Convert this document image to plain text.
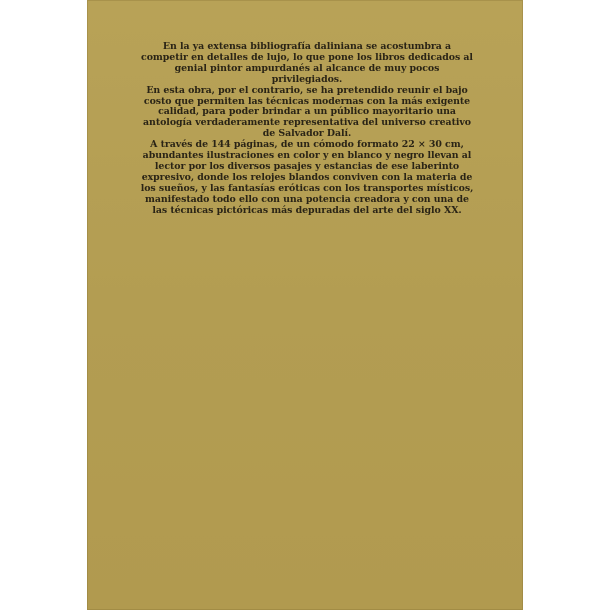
En la ya extensa bibliografía daliniana se acostumbra a competir en detalles de lujo, lo que pone los libros dedicados al genial pintor ampurdanés al alcance de muy pocos privilegiados.

En esta obra, por el contrario, se ha pretendido reunir el bajo costo que permiten las técnicas modernas con la más exigente calidad, para poder brindar a un público mayoritario una antología verdaderamente representativa del universo creativo de Salvador Dalí.

A través de 144 páginas, de un cómodo formato 22 × 30 cm, abundantes ilustraciones en color y en blanco y negro llevan al lector por los diversos pasajes y estancias de ese laberinto expresivo, donde los relojes blandos conviven con la materia de los sueños, y las fantasías eróticas con los transportes místicos, manifestado todo ello con una potencia creadora y con una de las técnicas pictóricas más depuradas del arte del siglo XX.
